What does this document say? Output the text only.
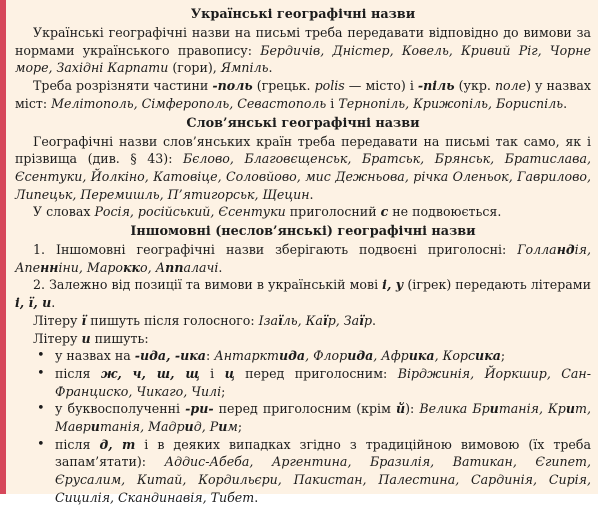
Українські географічні назви

Українські географічні назви на письмі треба передавати відповідно до вимови за нормами українського правопису: Бердичів, Дністер, Ковель, Кривий Ріг, Чорне море, Західні Карпати (гори), Ямпіль.

Треба розрізняти частини -поль (грецьк. polis — місто) і -піль (укр. поле) у назвах міст: Мелітополь, Сімферополь, Севастополь і Тернопіль, Крижопіль, Бориспіль.

Слов’янські географічні назви

Географічні назви слов’янських країн треба передавати на письмі так само, як і прізвища (див. § 43): Бєлово, Благовєщенськ, Братськ, Брянськ, Братислава, Єсентуки, Йолкіно, Катовіце, Соловйово, мис Дежньова, річка Оленьок, Гаврилово, Липецьк, Перемишль, П’ятигорськ, Щецин.

У словах Росія, російський, Єсентуки приголосний с не подвоюється.

Іншомовні (неслов’янські) географічні назви

1. Іншомовні географічні назви зберігають подвоєні приголосні: Голландія, Апенніни, Марокко, Аппалачі.

2. Залежно від позиції та вимови в українській мові і, у (ігрек) передають літерами і, ї, и.

Літеру ї пишуть після голосного: Ізаїль, Каїр, Заїр.

Літеру и пишуть:

• у назвах на -ида, -ика: Антарктида, Флорида, Африка, Корсика;
• після ж, ч, ш, щ і ц перед приголосним: Вірджинія, Йоркшир, Сан-Франциско, Чикаго, Чилі;
• у буквосполученні -ри- перед приголосним (крім й): Велика Британія, Крит, Мавританія, Мадрид, Рим;
• після д, т і в деяких випадках згідно з традиційною вимовою (їх треба запам’ятати): Аддис-Абеба, Аргентина, Бразилія, Ватикан, Єгипет, Єрусалим, Китай, Кордильєри, Пакистан, Палестина, Сардинія, Сирія, Сицилія, Скандинавія, Тибет.
